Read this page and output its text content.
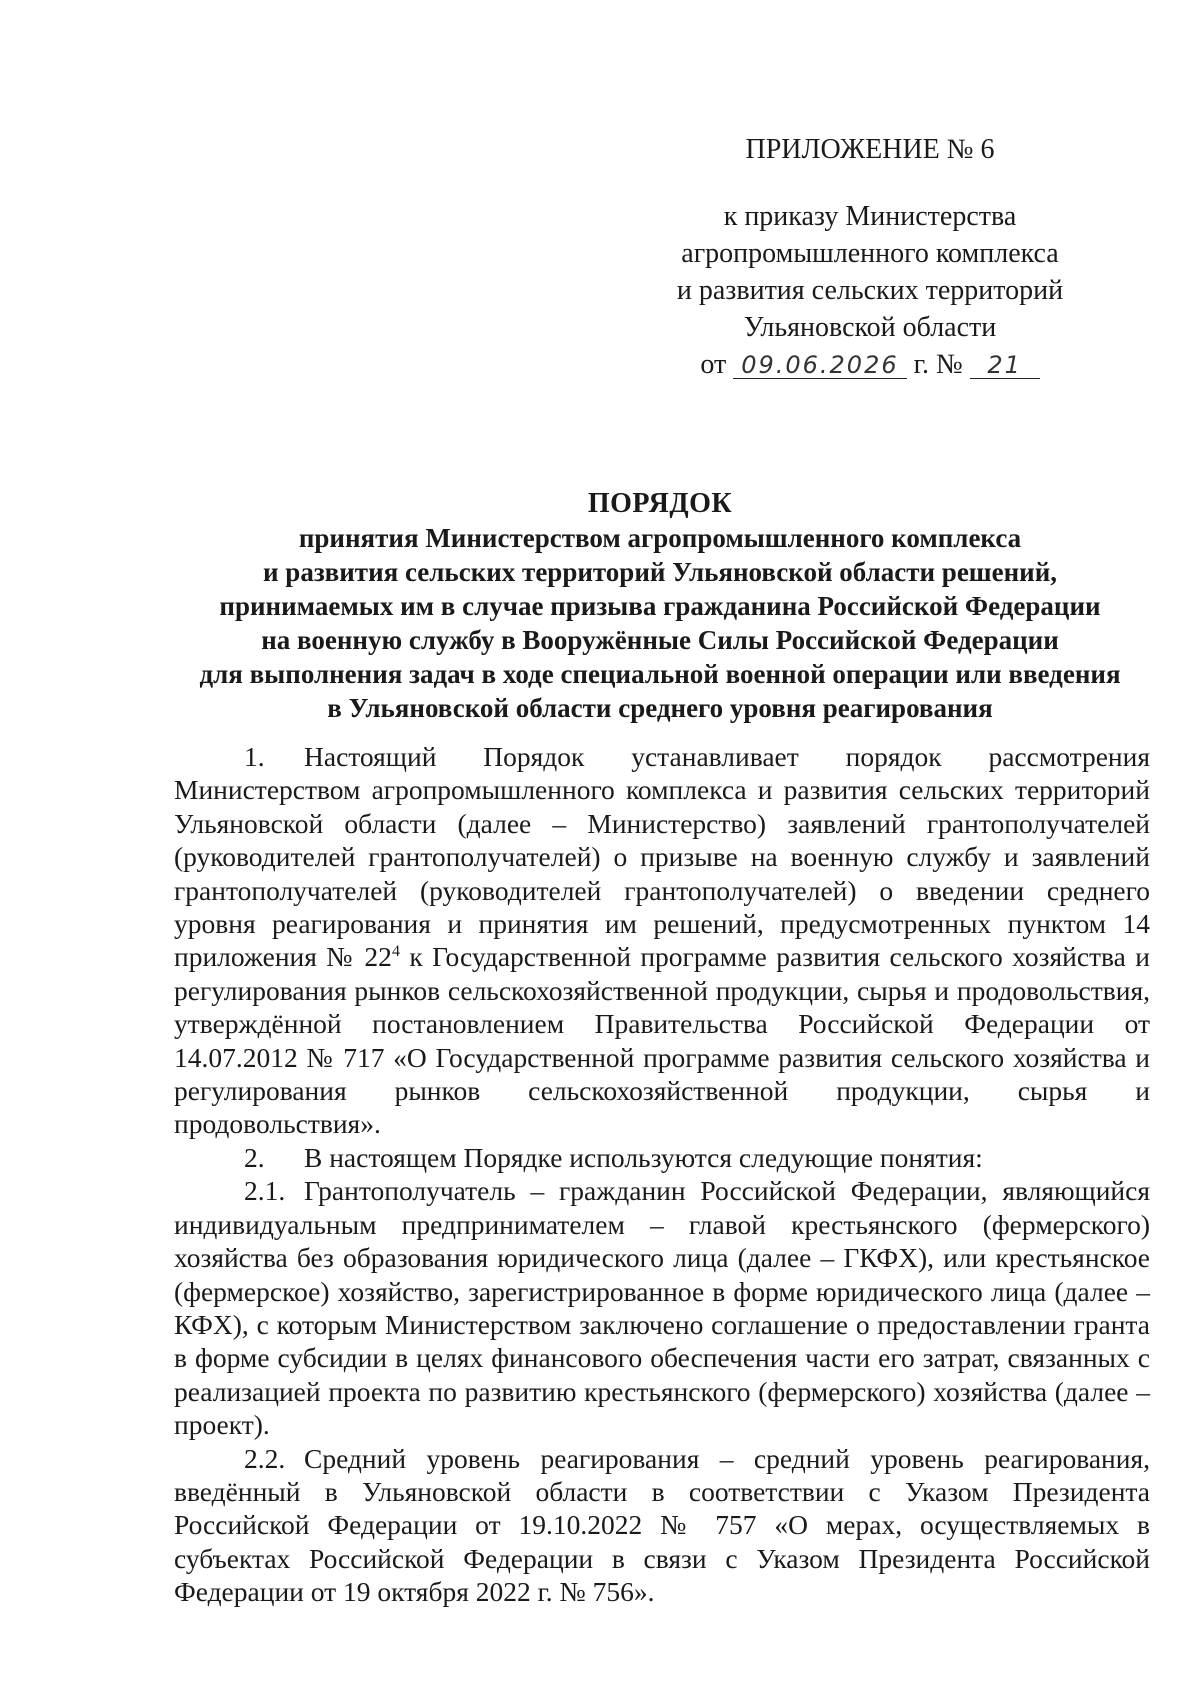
ПРИЛОЖЕНИЕ № 6

к приказу Министерства

агропромышленного комплекса

и развития сельских территорий

Ульяновской области

от 09.06.2026 г. № 21

ПОРЯДОК
принятия Министерством агропромышленного комплекса
и развития сельских территорий Ульяновской области решений,
принимаемых им в случае призыва гражданина Российской Федерации
на военную службу в Вооружённые Силы Российской Федерации
для выполнения задач в ходе специальной военной операции или введения
в Ульяновской области среднего уровня реагирования

1. Настоящий Порядок устанавливает порядок рассмотрения Министерством агропромышленного комплекса и развития сельских территорий Ульяновской области (далее – Министерство) заявлений грантополучателей (руководителей грантополучателей) о призыве на военную службу и заявлений грантополучателей (руководителей грантополучателей) о введении среднего уровня реагирования и принятия им решений, предусмотренных пунктом 14 приложения № $22^4$ к Государственной программе развития сельского хозяйства и регулирования рынков сельскохозяйственной продукции, сырья и продовольствия, утверждённой постановлением Правительства Российской Федерации от 14.07.2012 № 717 «О Государственной программе развития сельского хозяйства и регулирования рынков сельскохозяйственной продукции, сырья и продовольствия».

2. В настоящем Порядке используются следующие понятия:

2.1. Грантополучатель – гражданин Российской Федерации, являющийся индивидуальным предпринимателем – главой крестьянского (фермерского) хозяйства без образования юридического лица (далее – ГКФХ), или крестьянское (фермерское) хозяйство, зарегистрированное в форме юридического лица (далее – КФХ), с которым Министерством заключено соглашение о предоставлении гранта в форме субсидии в целях финансового обеспечения части его затрат, связанных с реализацией проекта по развитию крестьянского (фермерского) хозяйства (далее – проект).

2.2. Средний уровень реагирования – средний уровень реагирования, введённый в Ульяновской области в соответствии с Указом Президента Российской Федерации от 19.10.2022 № 757 «О мерах, осуществляемых в субъектах Российской Федерации в связи с Указом Президента Российской Федерации от 19 октября 2022 г. № 756».
